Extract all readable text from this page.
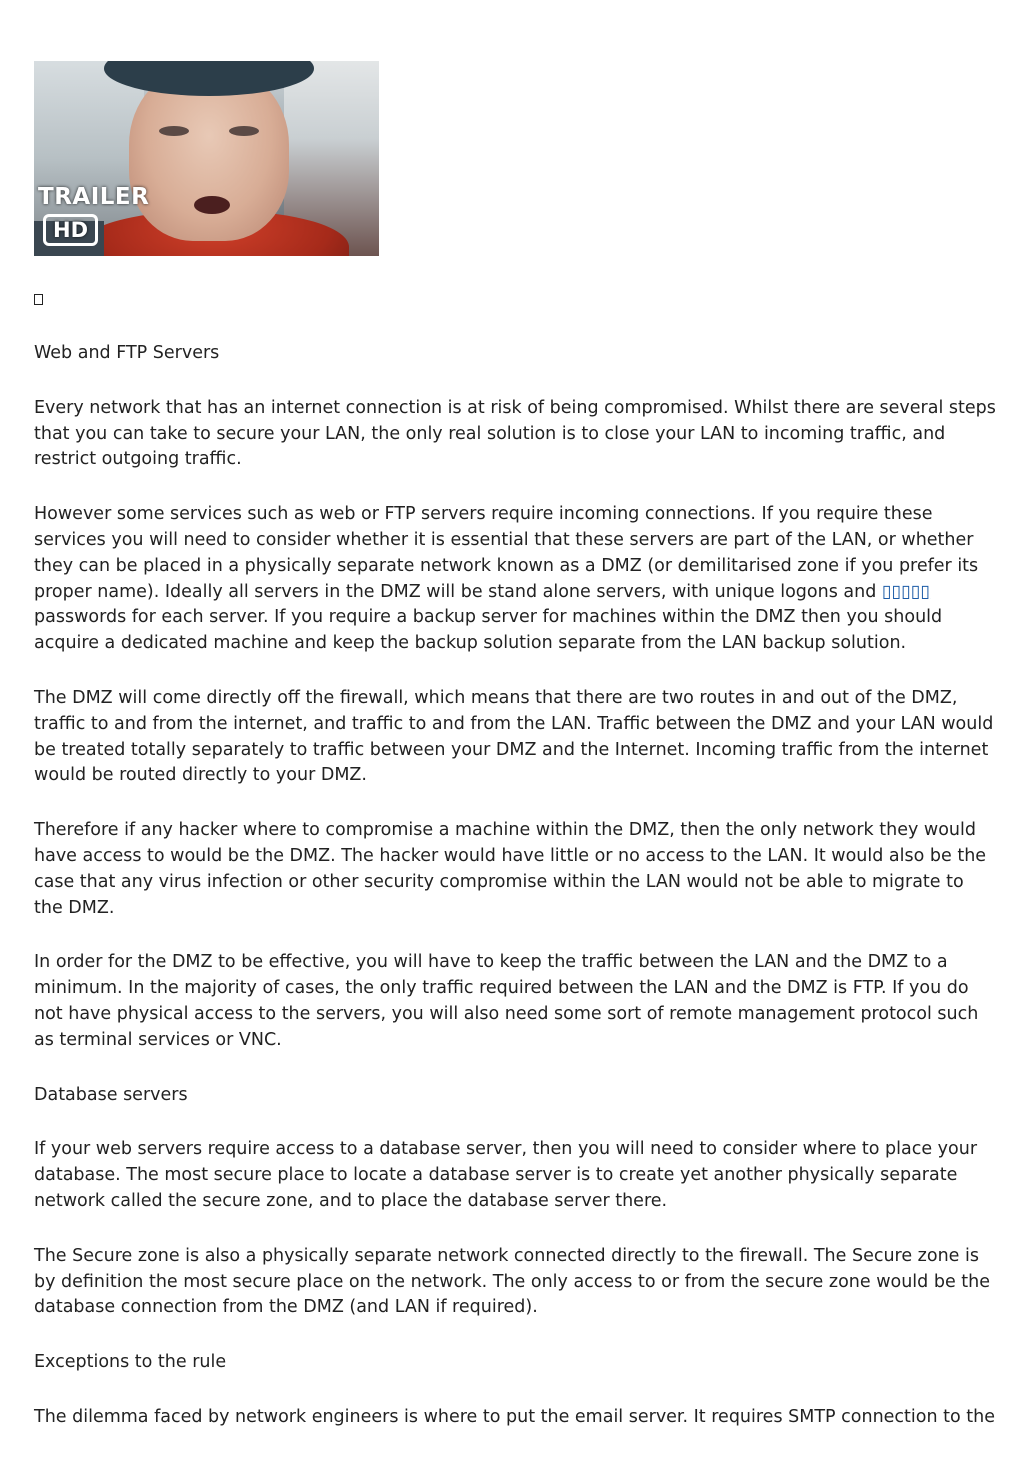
TRAILER
HD

Web and FTP Servers

Every network that has an internet connection is at risk of being compromised. Whilst there are several steps that you can take to secure your LAN, the only real solution is to close your LAN to incoming traffic, and restrict outgoing traffic.

However some services such as web or FTP servers require incoming connections. If you require these services you will need to consider whether it is essential that these servers are part of the LAN, or whether they can be placed in a physically separate network known as a DMZ (or demilitarised zone if you prefer its proper name). Ideally all servers in the DMZ will be stand alone servers, with unique logons and ▯▯▯▯▯ passwords for each server. If you require a backup server for machines within the DMZ then you should acquire a dedicated machine and keep the backup solution separate from the LAN backup solution.

The DMZ will come directly off the firewall, which means that there are two routes in and out of the DMZ, traffic to and from the internet, and traffic to and from the LAN. Traffic between the DMZ and your LAN would be treated totally separately to traffic between your DMZ and the Internet. Incoming traffic from the internet would be routed directly to your DMZ.

Therefore if any hacker where to compromise a machine within the DMZ, then the only network they would have access to would be the DMZ. The hacker would have little or no access to the LAN. It would also be the case that any virus infection or other security compromise within the LAN would not be able to migrate to the DMZ.

In order for the DMZ to be effective, you will have to keep the traffic between the LAN and the DMZ to a minimum. In the majority of cases, the only traffic required between the LAN and the DMZ is FTP. If you do not have physical access to the servers, you will also need some sort of remote management protocol such as terminal services or VNC.

Database servers

If your web servers require access to a database server, then you will need to consider where to place your database. The most secure place to locate a database server is to create yet another physically separate network called the secure zone, and to place the database server there.

The Secure zone is also a physically separate network connected directly to the firewall. The Secure zone is by definition the most secure place on the network. The only access to or from the secure zone would be the database connection from the DMZ (and LAN if required).

Exceptions to the rule

The dilemma faced by network engineers is where to put the email server. It requires SMTP connection to the
